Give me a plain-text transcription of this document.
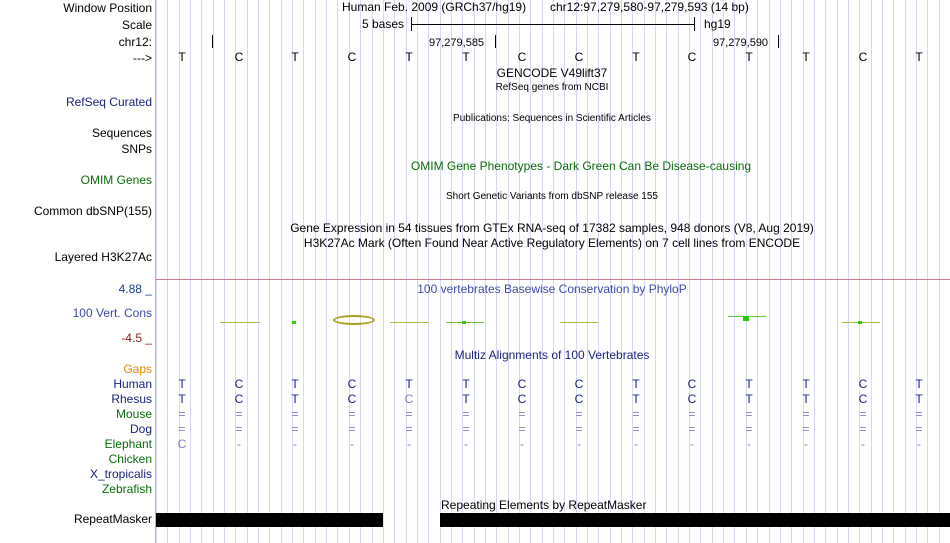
Window Position
Scale
chr12:
--->
RefSeq Curated
Sequences
SNPs
OMIM Genes
Common dbSNP(155)
Layered H3K27Ac
4.88 _
100 Vert. Cons
-4.5 _
Gaps
Human
Rhesus
Mouse
Dog
Elephant
Chicken
X_tropicalis
Zebrafish
RepeatMasker
Human Feb. 2009 (GRCh37/hg19) chr12:97,279,580-97,279,593 (14 bp)
5 bases	hg19
97,279,585	97,279,590
T	C	T	C	T	T	C	C	T	C	T	T	C	T
GENCODE V49lift37
RefSeq genes from NCBI
Publications: Sequences in Scientific Articles
OMIM Gene Phenotypes - Dark Green Can Be Disease-causing
Short Genetic Variants from dbSNP release 155
Gene Expression in 54 tissues from GTEx RNA-seq of 17382 samples, 948 donors (V8, Aug 2019)
H3K27Ac Mark (Often Found Near Active Regulatory Elements) on 7 cell lines from ENCODE
100 vertebrates Basewise Conservation by PhyloP
Multiz Alignments of 100 Vertebrates
T	C	T	C	T	T	C	C	T	C	T	T	C	T
T	C	T	C	C	T	C	C	T	C	T	T	C	T
=	=	=	=	=	=	=	=	=	=	=	=	=	=
=	=	=	=	=	=	=	=	=	=	=	=	=	=
C	-	-	-	-	-	-	-	-	-	-	-	-	-
Repeating Elements by RepeatMasker
